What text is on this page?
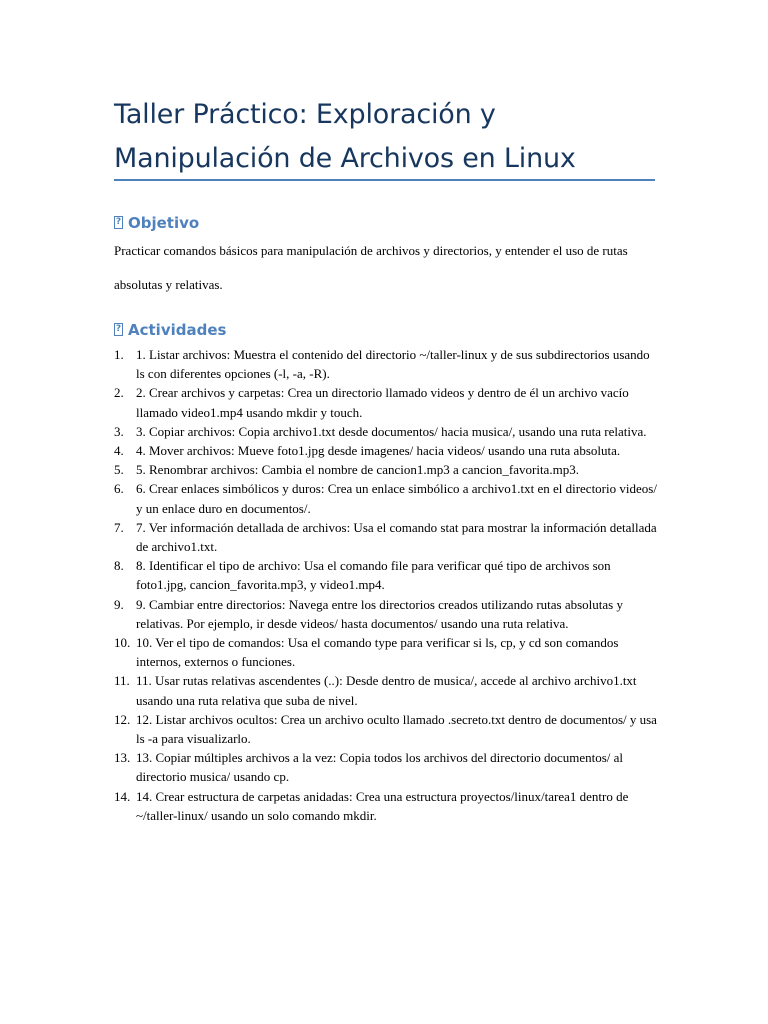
Taller Práctico: Exploración y Manipulación de Archivos en Linux
?Objetivo

Practicar comandos básicos para manipulación de archivos y directorios, y entender el uso de rutas absolutas y relativas.

?Actividades
1. 1. Listar archivos: Muestra el contenido del directorio ~/taller-linux y de sus subdirectorios usando ls con diferentes opciones (-l, -a, -R).
2. 2. Crear archivos y carpetas: Crea un directorio llamado videos y dentro de él un archivo vacío llamado video1.mp4 usando mkdir y touch.
3. 3. Copiar archivos: Copia archivo1.txt desde documentos/ hacia musica/, usando una ruta relativa.
4. 4. Mover archivos: Mueve foto1.jpg desde imagenes/ hacia videos/ usando una ruta absoluta.
5. 5. Renombrar archivos: Cambia el nombre de cancion1.mp3 a cancion_favorita.mp3.
6. 6. Crear enlaces simbólicos y duros: Crea un enlace simbólico a archivo1.txt en el directorio videos/ y un enlace duro en documentos/.
7. 7. Ver información detallada de archivos: Usa el comando stat para mostrar la información detallada de archivo1.txt.
8. 8. Identificar el tipo de archivo: Usa el comando file para verificar qué tipo de archivos son foto1.jpg, cancion_favorita.mp3, y video1.mp4.
9. 9. Cambiar entre directorios: Navega entre los directorios creados utilizando rutas absolutas y relativas. Por ejemplo, ir desde videos/ hasta documentos/ usando una ruta relativa.
10. 10. Ver el tipo de comandos: Usa el comando type para verificar si ls, cp, y cd son comandos internos, externos o funciones.
11. 11. Usar rutas relativas ascendentes (..): Desde dentro de musica/, accede al archivo archivo1.txt usando una ruta relativa que suba de nivel.
12. 12. Listar archivos ocultos: Crea un archivo oculto llamado .secreto.txt dentro de documentos/ y usa ls -a para visualizarlo.
13. 13. Copiar múltiples archivos a la vez: Copia todos los archivos del directorio documentos/ al directorio musica/ usando cp.
14. 14. Crear estructura de carpetas anidadas: Crea una estructura proyectos/linux/tarea1 dentro de ~/taller-linux/ usando un solo comando mkdir.
